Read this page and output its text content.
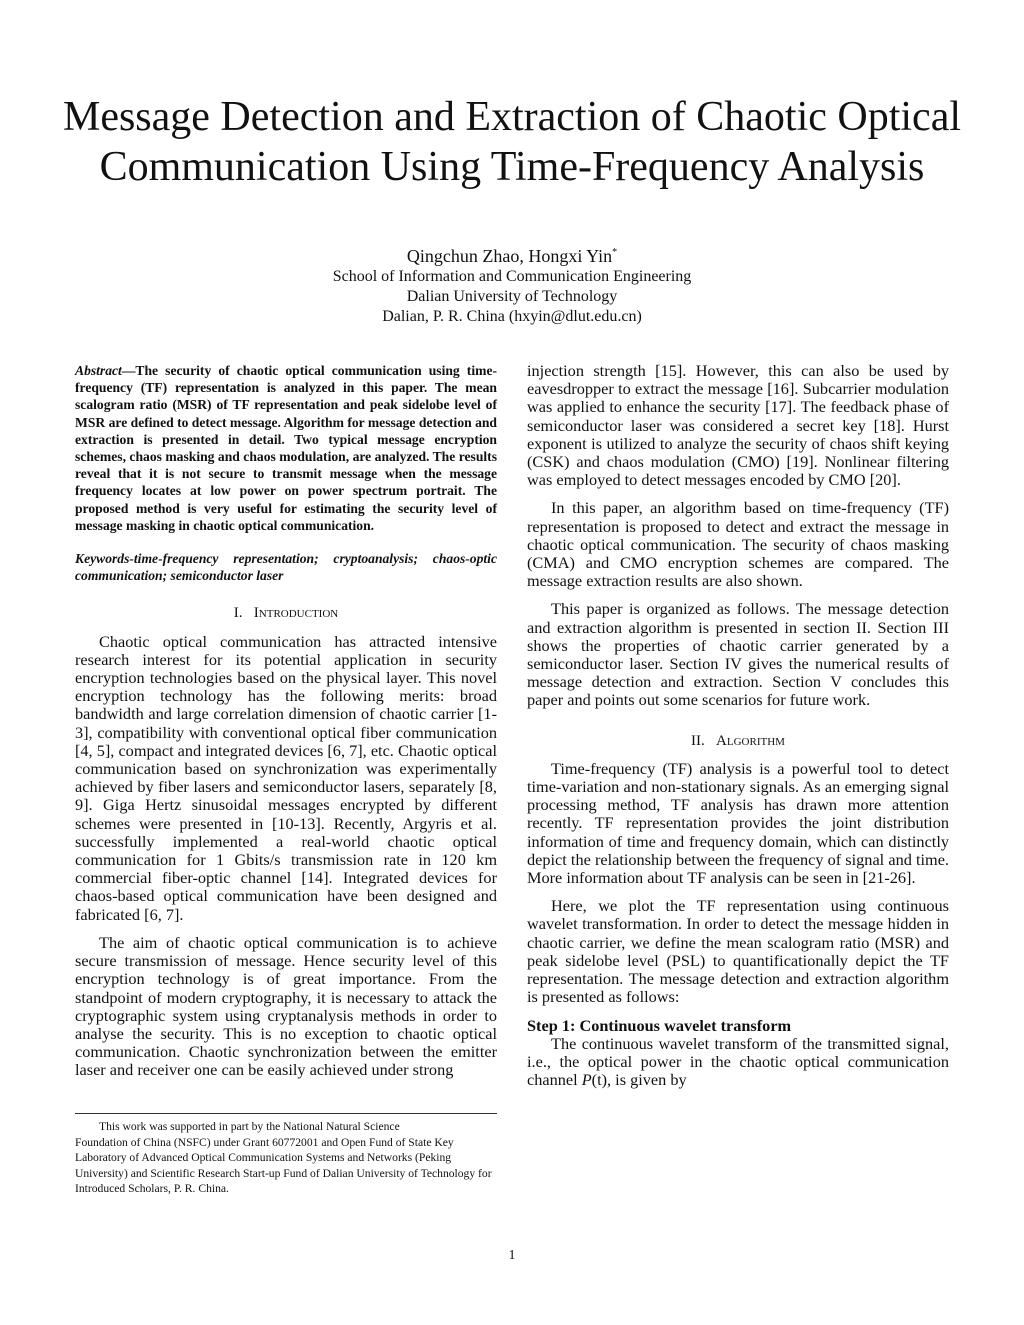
Message Detection and Extraction of Chaotic Optical Communication Using Time-Frequency Analysis
Qingchun Zhao, Hongxi Yin*
School of Information and Communication Engineering
Dalian University of Technology
Dalian, P. R. China (hxyin@dlut.edu.cn)

Abstract—The security of chaotic optical communication using time-frequency (TF) representation is analyzed in this paper. The mean scalogram ratio (MSR) of TF representation and peak sidelobe level of MSR are defined to detect message. Algorithm for message detection and extraction is presented in detail. Two typical message encryption schemes, chaos masking and chaos modulation, are analyzed. The results reveal that it is not secure to transmit message when the message frequency locates at low power on power spectrum portrait. The proposed method is very useful for estimating the security level of message masking in chaotic optical communication.

Keywords-time-frequency representation; cryptoanalysis; chaos-optic communication; semiconductor laser

I. Introduction

Chaotic optical communication has attracted intensive research interest for its potential application in security encryption technologies based on the physical layer. This novel encryption technology has the following merits: broad bandwidth and large correlation dimension of chaotic carrier [1-3], compatibility with conventional optical fiber communication [4, 5], compact and integrated devices [6, 7], etc. Chaotic optical communication based on synchronization was experimentally achieved by fiber lasers and semiconductor lasers, separately [8, 9]. Giga Hertz sinusoidal messages encrypted by different schemes were presented in [10-13]. Recently, Argyris et al. successfully implemented a real-world chaotic optical communication for 1 Gbits/s transmission rate in 120 km commercial fiber-optic channel [14]. Integrated devices for chaos-based optical communication have been designed and fabricated [6, 7].

The aim of chaotic optical communication is to achieve secure transmission of message. Hence security level of this encryption technology is of great importance. From the standpoint of modern cryptography, it is necessary to attack the cryptographic system using cryptanalysis methods in order to analyse the security. This is no exception to chaotic optical communication. Chaotic synchronization between the emitter laser and receiver one can be easily achieved under strong

injection strength [15]. However, this can also be used by eavesdropper to extract the message [16]. Subcarrier modulation was applied to enhance the security [17]. The feedback phase of semiconductor laser was considered a secret key [18]. Hurst exponent is utilized to analyze the security of chaos shift keying (CSK) and chaos modulation (CMO) [19]. Nonlinear filtering was employed to detect messages encoded by CMO [20].

In this paper, an algorithm based on time-frequency (TF) representation is proposed to detect and extract the message in chaotic optical communication. The security of chaos masking (CMA) and CMO encryption schemes are compared. The message extraction results are also shown.

This paper is organized as follows. The message detection and extraction algorithm is presented in section II. Section III shows the properties of chaotic carrier generated by a semiconductor laser. Section IV gives the numerical results of message detection and extraction. Section V concludes this paper and points out some scenarios for future work.

II. Algorithm

Time-frequency (TF) analysis is a powerful tool to detect time-variation and non-stationary signals. As an emerging signal processing method, TF analysis has drawn more attention recently. TF representation provides the joint distribution information of time and frequency domain, which can distinctly depict the relationship between the frequency of signal and time. More information about TF analysis can be seen in [21-26].

Here, we plot the TF representation using continuous wavelet transformation. In order to detect the message hidden in chaotic carrier, we define the mean scalogram ratio (MSR) and peak sidelobe level (PSL) to quantificationally depict the TF representation. The message detection and extraction algorithm is presented as follows:

Step 1: Continuous wavelet transform

The continuous wavelet transform of the transmitted signal, i.e., the optical power in the chaotic optical communication channel P(t), is given by

This work was supported in part by the National Natural Science
Foundation of China (NSFC) under Grant 60772001 and Open Fund of State Key Laboratory of Advanced Optical Communication Systems and Networks (Peking University) and Scientific Research Start-up Fund of Dalian University of Technology for Introduced Scholars, P. R. China.
1
